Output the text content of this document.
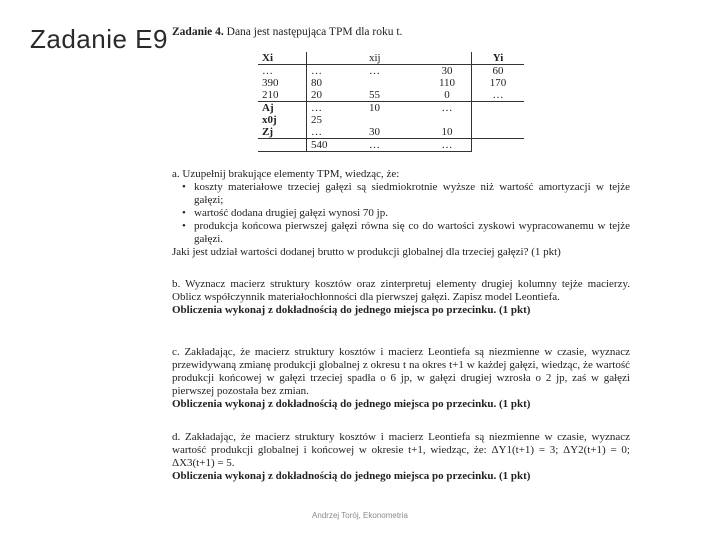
Zadanie E9 Zadanie 4. Dana jest następująca TPM dla roku t.
Xi		xij		Yi
…	…	…	30	60
390	80		110	170
210	20	55	0	…
Aj	…	10	…	
x0j	25			
Zj	…	30	10	
	540	…	…	
a. Uzupełnij brakujące elementy TPM, wiedząc, że:
• koszty materiałowe trzeciej gałęzi są siedmiokrotnie wyższe niż wartość amortyzacji w tejże gałęzi;
• wartość dodana drugiej gałęzi wynosi 70 jp.
• produkcja końcowa pierwszej gałęzi równa się co do wartości zyskowi wypracowanemu w tejże gałęzi.
Jaki jest udział wartości dodanej brutto w produkcji globalnej dla trzeciej gałęzi? (1 pkt)
b. Wyznacz macierz struktury kosztów oraz zinterpretuj elementy drugiej kolumny tejże macierzy. Oblicz współczynnik materiałochłonności dla pierwszej gałęzi. Zapisz model Leontiefa.
Obliczenia wykonaj z dokładnością do jednego miejsca po przecinku. (1 pkt)
c. Zakładając, że macierz struktury kosztów i macierz Leontiefa są niezmienne w czasie, wyznacz przewidywaną zmianę produkcji globalnej z okresu t na okres t+1 w każdej gałęzi, wiedząc, że wartość produkcji końcowej w gałęzi trzeciej spadła o 6 jp, w gałęzi drugiej wzrosła o 2 jp, zaś w gałęzi pierwszej pozostała bez zmian.
Obliczenia wykonaj z dokładnością do jednego miejsca po przecinku. (1 pkt)
d. Zakładając, że macierz struktury kosztów i macierz Leontiefa są niezmienne w czasie, wyznacz wartość produkcji globalnej i końcowej w okresie t+1, wiedząc, że: ΔY1(t+1) = 3; ΔY2(t+1) = 0; ΔX3(t+1) = 5.
Obliczenia wykonaj z dokładnością do jednego miejsca po przecinku. (1 pkt)
Andrzej Torój, Ekonometria
